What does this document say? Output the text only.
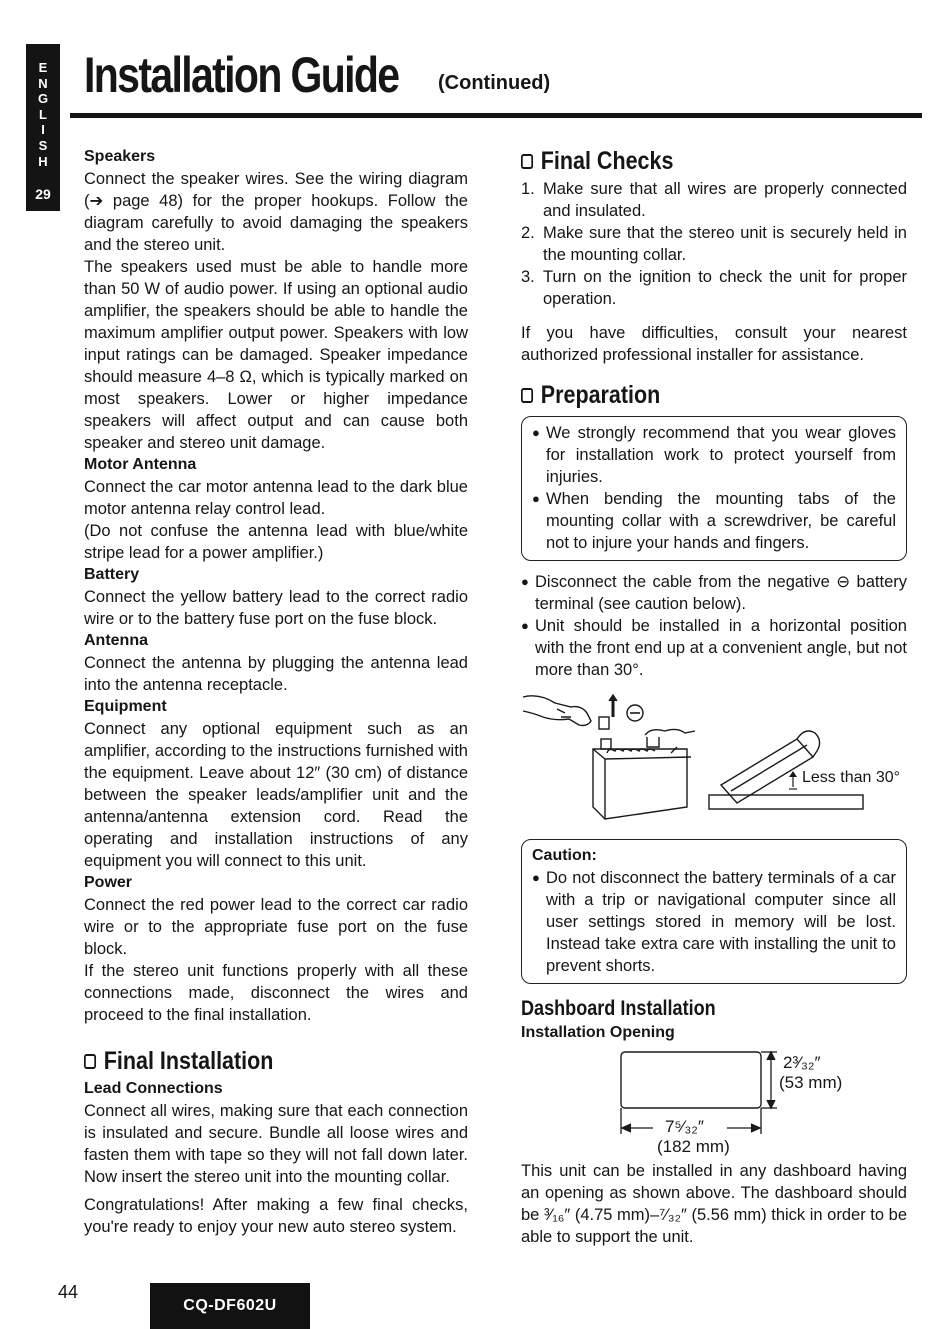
E
N
G
L
I
S
H
29
Installation Guide (Continued)
Speakers

Connect the speaker wires. See the wiring diagram (➔ page 48) for the proper hookups. Follow the diagram carefully to avoid damaging the speakers and the stereo unit.

The speakers used must be able to handle more than 50 W of audio power. If using an optional audio amplifier, the speakers should be able to handle the maximum amplifier output power. Speakers with low input ratings can be damaged. Speaker impedance should measure 4–8 Ω, which is typically marked on most speakers. Lower or higher impedance speakers will affect output and can cause both speaker and stereo unit damage.

Motor Antenna

Connect the car motor antenna lead to the dark blue motor antenna relay control lead.

(Do not confuse the antenna lead with blue/white stripe lead for a power amplifier.)

Battery

Connect the yellow battery lead to the correct radio wire or to the battery fuse port on the fuse block.

Antenna

Connect the antenna by plugging the antenna lead into the antenna receptacle.

Equipment

Connect any optional equipment such as an amplifier, according to the instructions furnished with the equipment. Leave about 12″ (30 cm) of distance between the speaker leads/amplifier unit and the antenna/antenna extension cord. Read the operating and installation instructions of any equipment you will connect to this unit.

Power

Connect the red power lead to the correct car radio wire or to the appropriate fuse port on the fuse block.

If the stereo unit functions properly with all these connections made, disconnect the wires and proceed to the final installation.

Final Installation
Lead Connections

Connect all wires, making sure that each connection is insulated and secure. Bundle all loose wires and fasten them with tape so they will not fall down later. Now insert the stereo unit into the mounting collar.

Congratulations! After making a few final checks, you're ready to enjoy your new auto stereo system.

Final Checks
1. Make sure that all wires are properly connected and insulated.
2. Make sure that the stereo unit is securely held in the mounting collar.
3. Turn on the ignition to check the unit for proper operation.

If you have difficulties, consult your nearest authorized professional installer for assistance.

Preparation
● We strongly recommend that you wear gloves for installation work to protect yourself from injuries.
● When bending the mounting tabs of the mounting collar with a screwdriver, be careful not to injure your hands and fingers.
● Disconnect the cable from the negative ⊖ battery terminal (see caution below).
● Unit should be installed in a horizontal position with the front end up at a convenient angle, but not more than 30°.
Less than 30°
Caution:
● Do not disconnect the battery terminals of a car with a trip or navigational computer since all user settings stored in memory will be lost. Instead take extra care with installing the unit to prevent shorts.
Dashboard Installation
Installation Opening
2³⁄₃₂″
(53 mm)
7⁵⁄₃₂″
(182 mm)

This unit can be installed in any dashboard having an opening as shown above. The dashboard should be ³⁄₁₆″ (4.75 mm)–⁷⁄₃₂″ (5.56 mm) thick in order to be able to support the unit.

44
CQ-DF602U
